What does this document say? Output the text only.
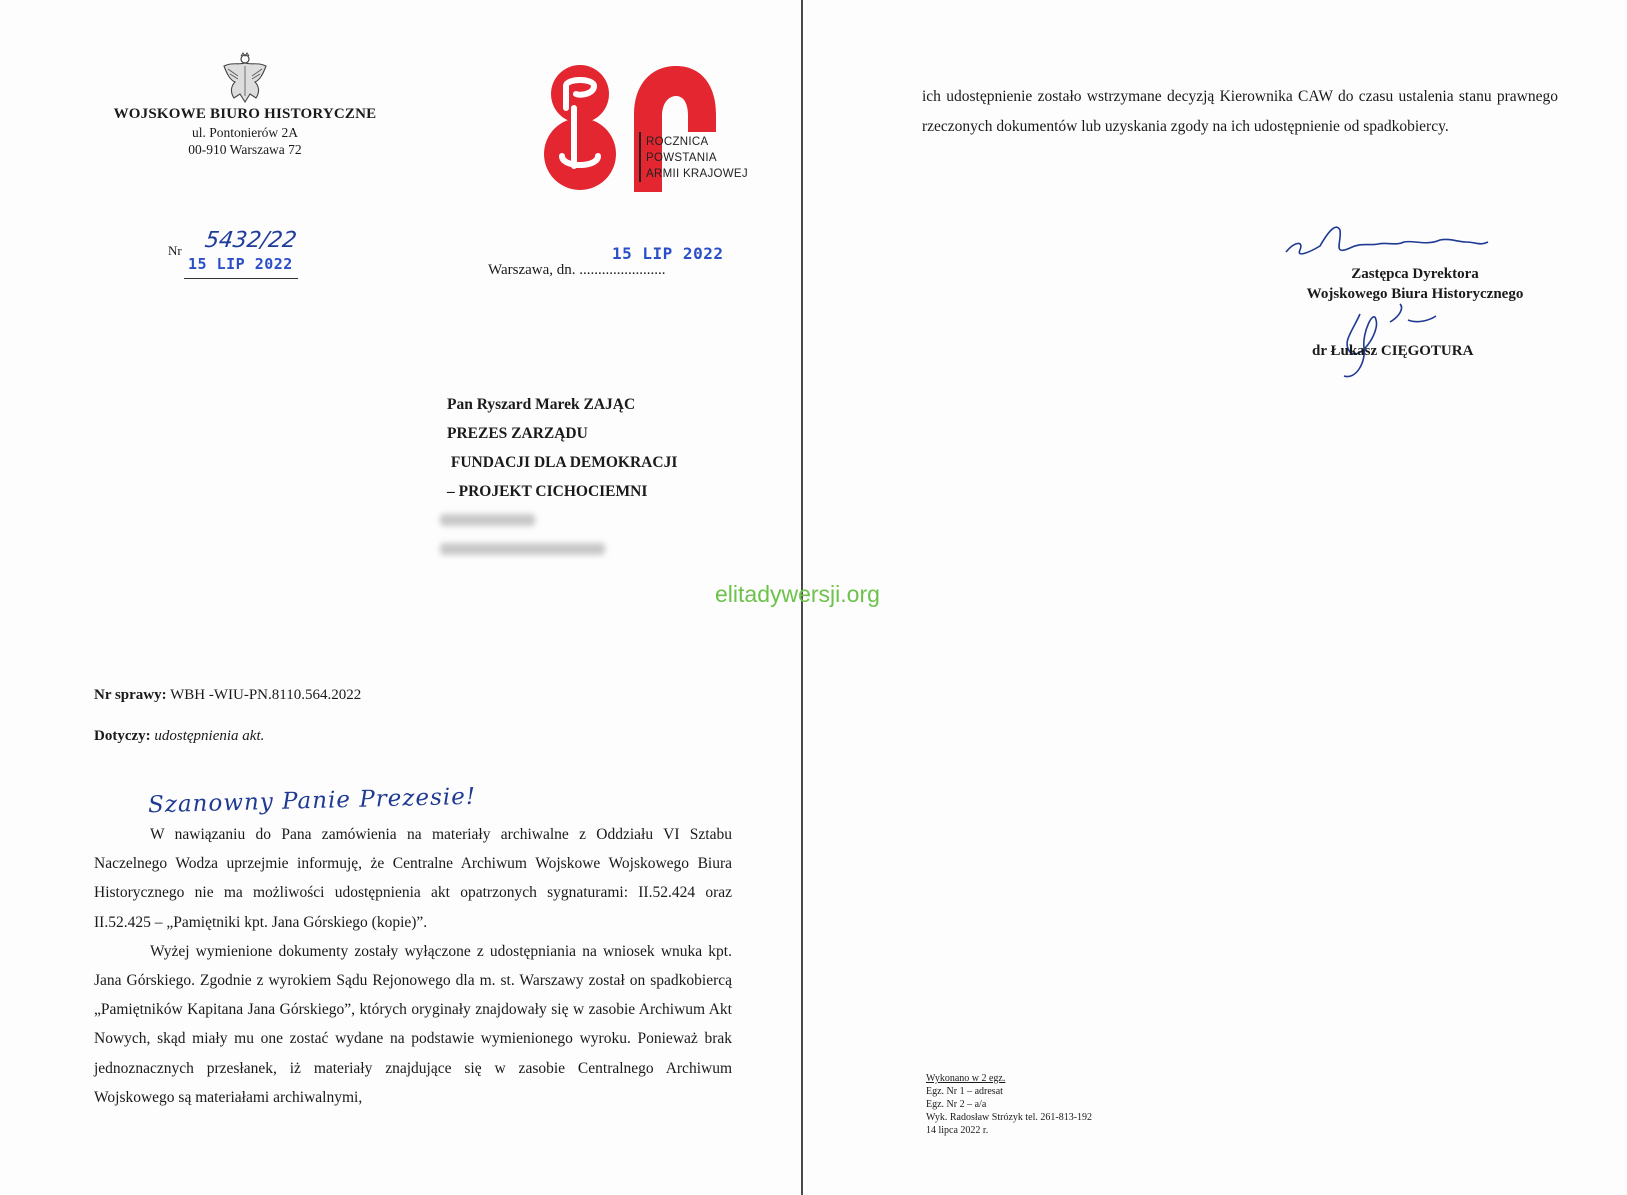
WOJSKOWE BIURO HISTORYCZNE
ul. Pontonierów 2A
00-910 Warszawa 72	ROCZNICA
POWSTANIA
ARMII KRAJOWEJ
Nr 5432/22
15 LIP 2022
15 LIP 2022
Warszawa, dn. .......................
Pan Ryszard Marek ZAJĄC
PREZES ZARZĄDU
FUNDACJI DLA DEMOKRACJI
– PROJEKT CICHOCIEMNI
elitadywersji.org
Nr sprawy: WBH -WIU-PN.8110.564.2022
Dotyczy: udostępnienia akt.
Szanowny Panie Prezesie!

W nawiązaniu do Pana zamówienia na materiały archiwalne z Oddziału VI Sztabu Naczelnego Wodza uprzejmie informuję, że Centralne Archiwum Wojskowe Wojskowego Biura Historycznego nie ma możliwości udostępnienia akt opatrzonych sygnaturami: II.52.424 oraz II.52.425 – „Pamiętniki kpt. Jana Górskiego (kopie)”.

Wyżej wymienione dokumenty zostały wyłączone z udostępniania na wniosek wnuka kpt. Jana Górskiego. Zgodnie z wyrokiem Sądu Rejonowego dla m. st. Warszawy został on spadkobiercą „Pamiętników Kapitana Jana Górskiego”, których oryginały znajdowały się w zasobie Archiwum Akt Nowych, skąd miały mu one zostać wydane na podstawie wymienionego wyroku. Ponieważ brak jednoznacznych przesłanek, iż materiały znajdujące się w zasobie Centralnego Archiwum Wojskowego są materiałami archiwalnymi,

ich udostępnienie zostało wstrzymane decyzją Kierownika CAW do czasu ustalenia stanu prawnego rzeczonych dokumentów lub uzyskania zgody na ich udostępnienie od spadkobiercy.
Zastępca Dyrektora
Wojskowego Biura Historycznego
dr Łukasz CIĘGOTURA
Wykonano w 2 egz.
Egz. Nr 1 – adresat
Egz. Nr 2 – a/a
Wyk. Radosław Strózyk tel. 261-813-192
14 lipca 2022 r.
